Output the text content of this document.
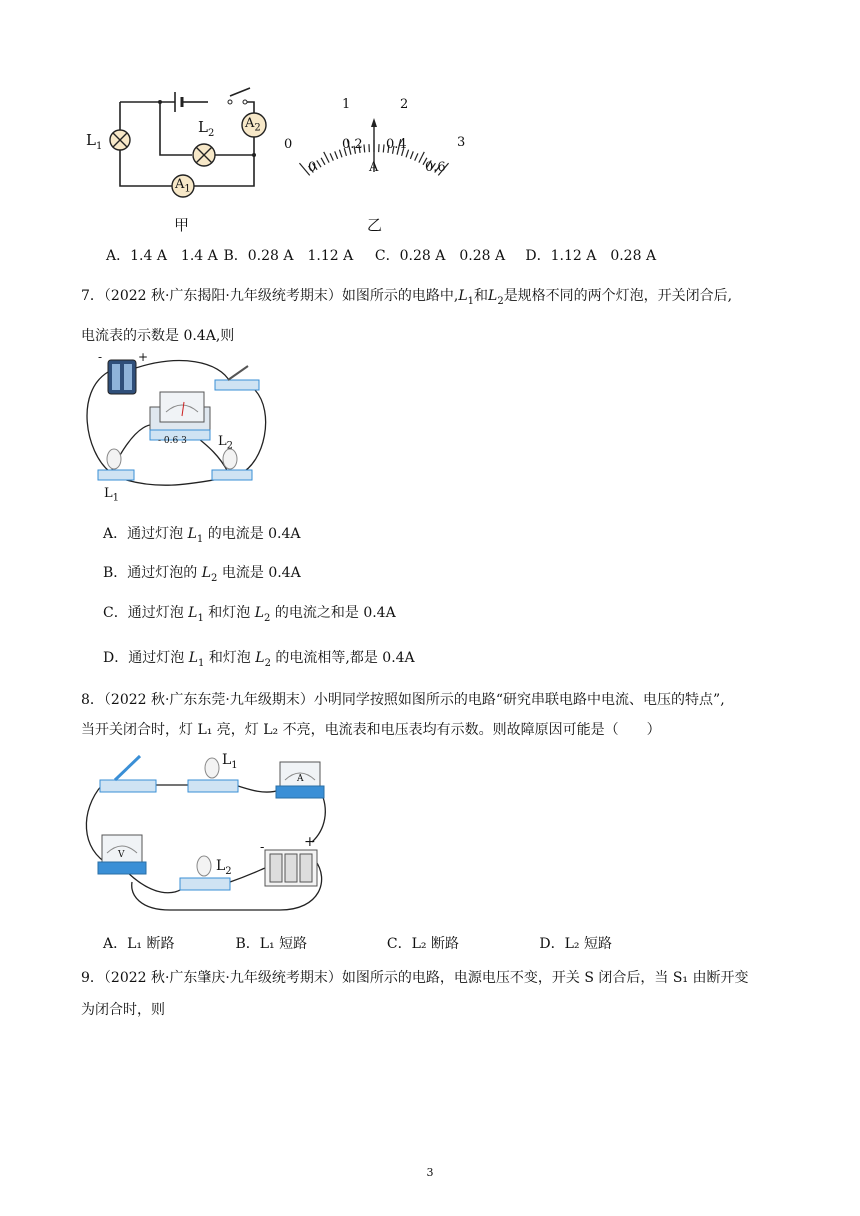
$L_1$
$L_2$
$A_2$
$A_1$
甲
0
1	2
3
0
0.2 0.4
0.6
A
乙
A．1.4 A　1.4 A B．0.28 A　1.12 A C．0.28 A　0.28 A D．1.12 A　0.28 A
7．（2022 秋·广东揭阳·九年级统考期末）如图所示的电路中$,L_1$和$L_2$是规格不同的两个灯泡，开关闭合后,
电流表的示数是 0.4A,则
-	+
- 0.6 3 $L_2$
$L_1$
A．通过灯泡 $L_1$ 的电流是 0.4A
B．通过灯泡的 $L_2$ 电流是 0.4A
C．通过灯泡 $L_1$ 和灯泡 $L_2$ 的电流之和是 0.4A
D．通过灯泡 $L_1$ 和灯泡 $L_2$ 的电流相等,都是 0.4A
8．（2022 秋·广东东莞·九年级期末）小明同学按照如图所示的电路“研究串联电路中电流、电压的特点”,
当开关闭合时，灯 L₁ 亮，灯 L₂ 不亮，电流表和电压表均有示数。则故障原因可能是（　　）
$L_1$
$L_2$
-	+
V
A
A．L₁ 断路	B．L₁ 短路	C．L₂ 断路	D．L₂ 短路
9．（2022 秋·广东肇庆·九年级统考期末）如图所示的电路，电源电压不变，开关 S 闭合后，当 S₁ 由断开变
为闭合时，则
3
